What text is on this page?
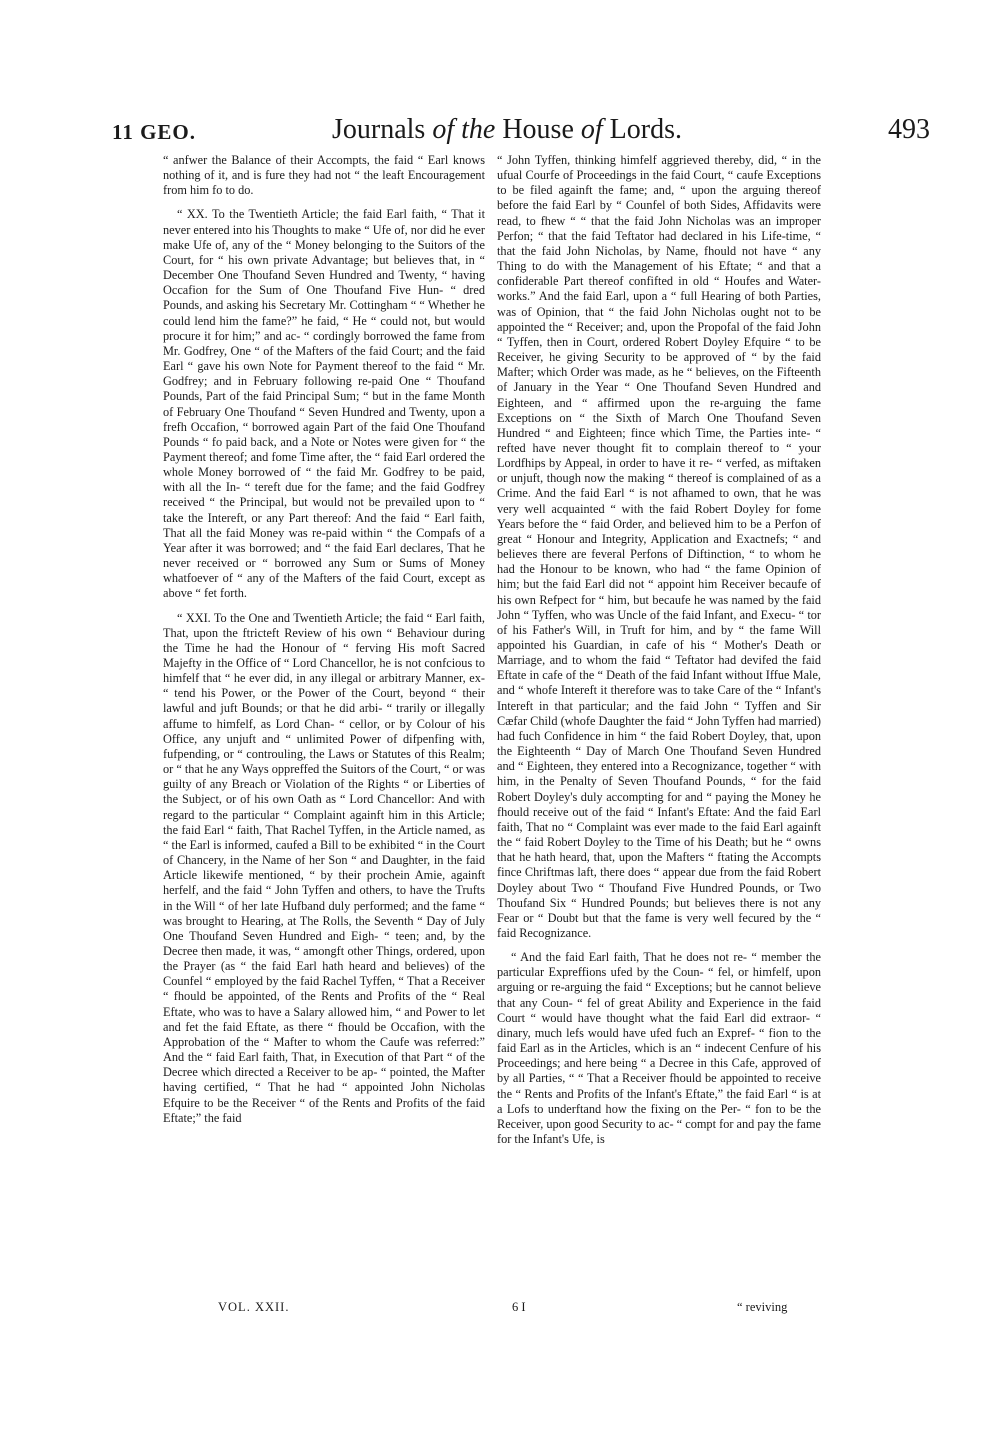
11 GEO.	Journals of the House of Lords.	493

“ anfwer the Balance of their Accompts, the faid “ Earl knows nothing of it, and is fure they had not “ the leaft Encouragement from him fo to do.

“ XX. To the Twentieth Article; the faid Earl faith, “ That it never entered into his Thoughts to make “ Ufe of, nor did he ever make Ufe of, any of the “ Money belonging to the Suitors of the Court, for “ his own private Advantage; but believes that, in “ December One Thoufand Seven Hundred and Twenty, “ having Occafion for the Sum of One Thoufand Five Hun- “ dred Pounds, and asking his Secretary Mr. Cottingham “ “ Whether he could lend him the fame?” he faid, “ He “ could not, but would procure it for him;” and ac- “ cordingly borrowed the fame from Mr. Godfrey, One “ of the Mafters of the faid Court; and the faid Earl “ gave his own Note for Payment thereof to the faid “ Mr. Godfrey; and in February following re-paid One “ Thoufand Pounds, Part of the faid Principal Sum; “ but in the fame Month of February One Thoufand “ Seven Hundred and Twenty, upon a frefh Occafion, “ borrowed again Part of the faid One Thoufand Pounds “ fo paid back, and a Note or Notes were given for “ the Payment thereof; and fome Time after, the “ faid Earl ordered the whole Money borrowed of “ the faid Mr. Godfrey to be paid, with all the In- “ tereft due for the fame; and the faid Godfrey received “ the Principal, but would not be prevailed upon to “ take the Intereft, or any Part thereof: And the faid “ Earl faith, That all the faid Money was re-paid within “ the Compafs of a Year after it was borrowed; and “ the faid Earl declares, That he never received or “ borrowed any Sum or Sums of Money whatfoever of “ any of the Mafters of the faid Court, except as above “ fet forth.

“ XXI. To the One and Twentieth Article; the faid “ Earl faith, That, upon the ftricteft Review of his own “ Behaviour during the Time he had the Honour of “ ferving His moft Sacred Majefty in the Office of “ Lord Chancellor, he is not confcious to himfelf that “ he ever did, in any illegal or arbitrary Manner, ex- “ tend his Power, or the Power of the Court, beyond “ their lawful and juft Bounds; or that he did arbi- “ trarily or illegally affume to himfelf, as Lord Chan- “ cellor, or by Colour of his Office, any unjuft and “ unlimited Power of difpenfing with, fufpending, or “ controuling, the Laws or Statutes of this Realm; or “ that he any Ways oppreffed the Suitors of the Court, “ or was guilty of any Breach or Violation of the Rights “ or Liberties of the Subject, or of his own Oath as “ Lord Chancellor: And with regard to the particular “ Complaint againft him in this Article; the faid Earl “ faith, That Rachel Tyffen, in the Article named, as “ the Earl is informed, caufed a Bill to be exhibited “ in the Court of Chancery, in the Name of her Son “ and Daughter, in the faid Article likewife mentioned, “ by their prochein Amie, againft herfelf, and the faid “ John Tyffen and others, to have the Trufts in the Will “ of her late Hufband duly performed; and the fame “ was brought to Hearing, at The Rolls, the Seventh “ Day of July One Thoufand Seven Hundred and Eigh- “ teen; and, by the Decree then made, it was, “ amongft other Things, ordered, upon the Prayer (as “ the faid Earl hath heard and believes) of the Counfel “ employed by the faid Rachel Tyffen, “ That a Receiver “ fhould be appointed, of the Rents and Profits of the “ Real Eftate, who was to have a Salary allowed him, “ and Power to let and fet the faid Eftate, as there “ fhould be Occafion, with the Approbation of the “ Mafter to whom the Caufe was referred:” And the “ faid Earl faith, That, in Execution of that Part “ of the Decree which directed a Receiver to be ap- “ pointed, the Mafter having certified, “ That he had “ appointed John Nicholas Efquire to be the Receiver “ of the Rents and Profits of the faid Eftate;” the faid

“ John Tyffen, thinking himfelf aggrieved thereby, did, “ in the ufual Courfe of Proceedings in the faid Court, “ caufe Exceptions to be filed againft the fame; and, “ upon the arguing thereof before the faid Earl by “ Counfel of both Sides, Affidavits were read, to fhew “ “ that the faid John Nicholas was an improper Perfon; “ that the faid Teftator had declared in his Life-time, “ that the faid John Nicholas, by Name, fhould not have “ any Thing to do with the Management of his Eftate; “ and that a confiderable Part thereof confifted in old “ Houfes and Water-works.” And the faid Earl, upon a “ full Hearing of both Parties, was of Opinion, that “ the faid John Nicholas ought not to be appointed the “ Receiver; and, upon the Propofal of the faid John “ Tyffen, then in Court, ordered Robert Doyley Efquire “ to be Receiver, he giving Security to be approved of “ by the faid Mafter; which Order was made, as he “ believes, on the Fifteenth of January in the Year “ One Thoufand Seven Hundred and Eighteen, and “ affirmed upon the re-arguing the fame Exceptions on “ the Sixth of March One Thoufand Seven Hundred “ and Eighteen; fince which Time, the Parties inte- “ refted have never thought fit to complain thereof to “ your Lordfhips by Appeal, in order to have it re- “ verfed, as miftaken or unjuft, though now the making “ thereof is complained of as a Crime. And the faid Earl “ is not afhamed to own, that he was very well acquainted “ with the faid Robert Doyley for fome Years before the “ faid Order, and believed him to be a Perfon of great “ Honour and Integrity, Application and Exactnefs; “ and believes there are feveral Perfons of Diftinction, “ to whom he had the Honour to be known, who had “ the fame Opinion of him; but the faid Earl did not “ appoint him Receiver becaufe of his own Refpect for “ him, but becaufe he was named by the faid John “ Tyffen, who was Uncle of the faid Infant, and Execu- “ tor of his Father's Will, in Truft for him, and by “ the fame Will appointed his Guardian, in cafe of his “ Mother's Death or Marriage, and to whom the faid “ Teftator had devifed the faid Eftate in cafe of the “ Death of the faid Infant without Iffue Male, and “ whofe Intereft it therefore was to take Care of the “ Infant's Intereft in that particular; and the faid John “ Tyffen and Sir Cæfar Child (whofe Daughter the faid “ John Tyffen had married) had fuch Confidence in him “ the faid Robert Doyley, that, upon the Eighteenth “ Day of March One Thoufand Seven Hundred and “ Eighteen, they entered into a Recognizance, together “ with him, in the Penalty of Seven Thoufand Pounds, “ for the faid Robert Doyley's duly accompting for and “ paying the Money he fhould receive out of the faid “ Infant's Eftate: And the faid Earl faith, That no “ Complaint was ever made to the faid Earl againft the “ faid Robert Doyley to the Time of his Death; but he “ owns that he hath heard, that, upon the Mafters “ ftating the Accompts fince Chriftmas laft, there does “ appear due from the faid Robert Doyley about Two “ Thoufand Five Hundred Pounds, or Two Thoufand Six “ Hundred Pounds; but believes there is not any Fear or “ Doubt but that the fame is very well fecured by the “ faid Recognizance.

“ And the faid Earl faith, That he does not re- “ member the particular Expreffions ufed by the Coun- “ fel, or himfelf, upon arguing or re-arguing the faid “ Exceptions; but he cannot believe that any Coun- “ fel of great Ability and Experience in the faid Court “ would have thought what the faid Earl did extraor- “ dinary, much lefs would have ufed fuch an Expref- “ fion to the faid Earl as in the Articles, which is an “ indecent Cenfure of his Proceedings; and here being “ a Decree in this Cafe, approved of by all Parties, “ “ That a Receiver fhould be appointed to receive the “ Rents and Profits of the Infant's Eftate,” the faid Earl “ is at a Lofs to underftand how the fixing on the Per- “ fon to be the Receiver, upon good Security to ac- “ compt for and pay the fame for the Infant's Ufe, is

VOL. XXII.	6 I	“ reviving
